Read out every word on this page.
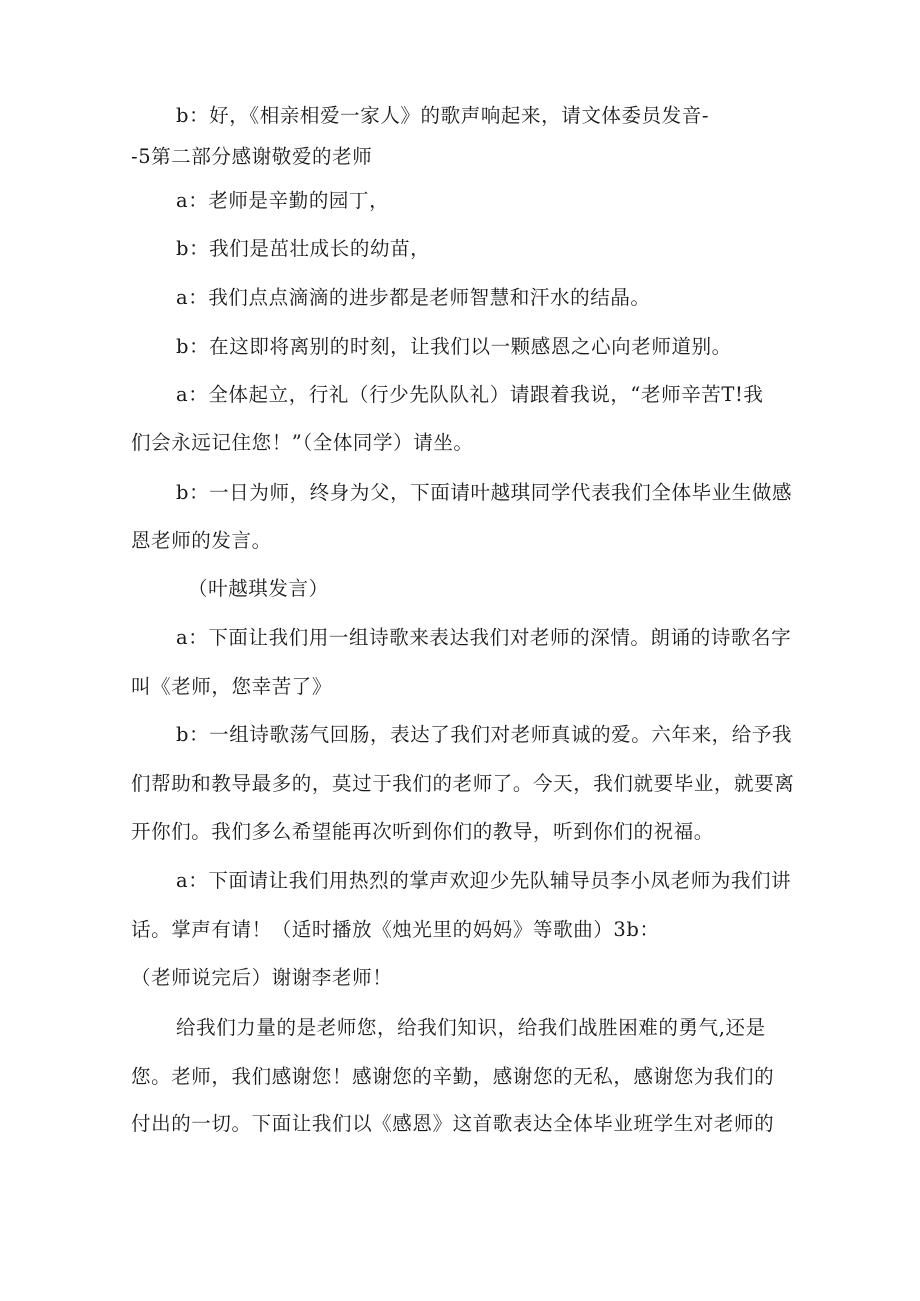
b：好，《相亲相爱一家人》的歌声响起来，请文体委员发音-
-5第二部分感谢敬爱的老师
a：老师是辛勤的园丁，
b：我们是茁壮成长的幼苗，
a：我们点点滴滴的进步都是老师智慧和汗水的结晶。
b：在这即将离别的时刻，让我们以一颗感恩之心向老师道别。
a：全体起立，行礼（行少先队队礼）请跟着我说，“老师辛苦T!我
们会永远记住您！”（全体同学）请坐。
b：一日为师，终身为父，下面请叶越琪同学代表我们全体毕业生做感
恩老师的发言。
（叶越琪发言）
a：下面让我们用一组诗歌来表达我们对老师的深情。朗诵的诗歌名字
叫《老师，您幸苦了》
b：一组诗歌荡气回肠，表达了我们对老师真诚的爱。六年来，给予我
们帮助和教导最多的，莫过于我们的老师了。今天，我们就要毕业，就要离
开你们。我们多么希望能再次听到你们的教导，听到你们的祝福。
a：下面请让我们用热烈的掌声欢迎少先队辅导员李小凤老师为我们讲
话。掌声有请！（适时播放《烛光里的妈妈》等歌曲）3b：
（老师说完后）谢谢李老师！
给我们力量的是老师您，给我们知识，给我们战胜困难的勇气,还是
您。老师，我们感谢您！感谢您的辛勤，感谢您的无私，感谢您为我们的
付出的一切。下面让我们以《感恩》这首歌表达全体毕业班学生对老师的
